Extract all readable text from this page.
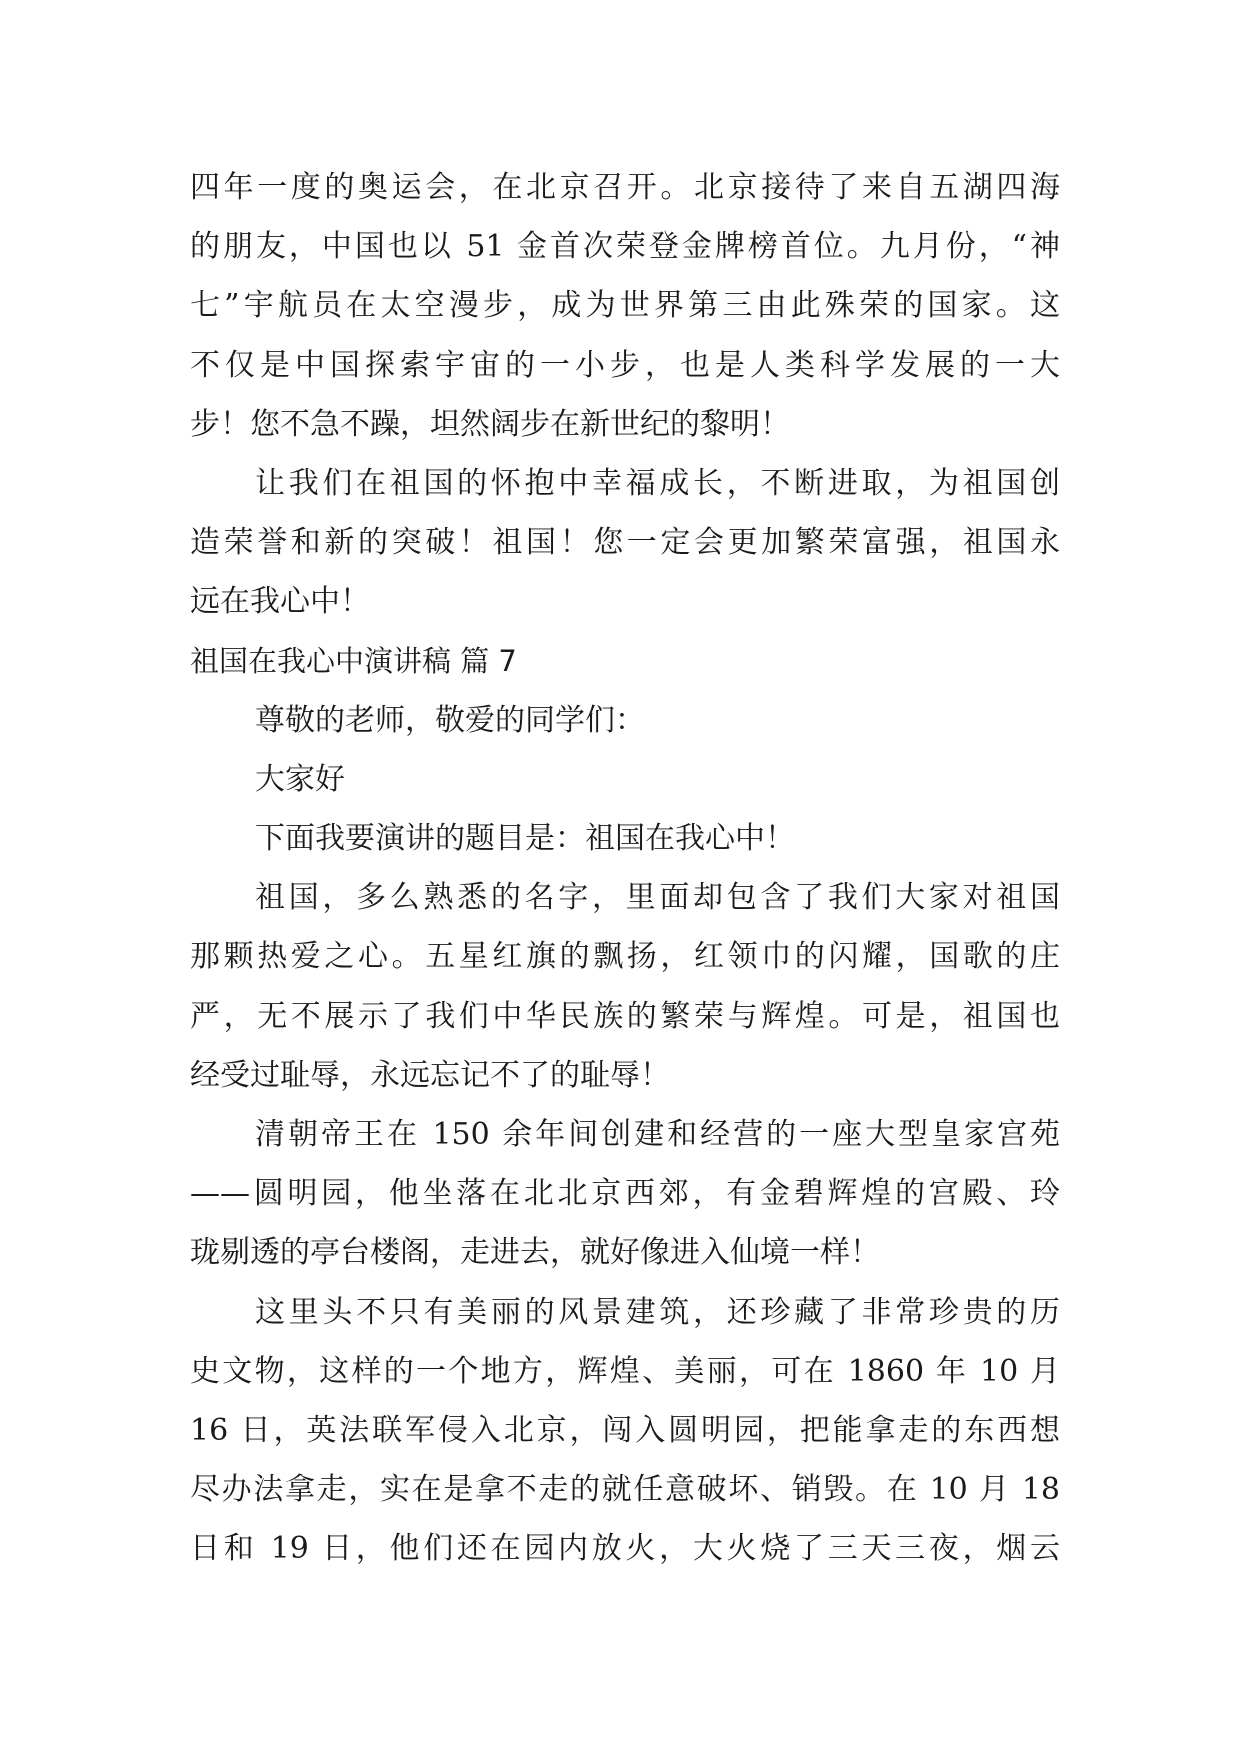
四年一度的奥运会，在北京召开。北京接待了来自五湖四海
的朋友，中国也以 51 金首次荣登金牌榜首位。九月份，“神
七”宇航员在太空漫步，成为世界第三由此殊荣的国家。这
不仅是中国探索宇宙的一小步，也是人类科学发展的一大
步！您不急不躁，坦然阔步在新世纪的黎明！
让我们在祖国的怀抱中幸福成长，不断进取，为祖国创
造荣誉和新的突破！祖国！您一定会更加繁荣富强，祖国永
远在我心中！
祖国在我心中演讲稿 篇 7
尊敬的老师，敬爱的同学们：
大家好
下面我要演讲的题目是：祖国在我心中！
祖国，多么熟悉的名字，里面却包含了我们大家对祖国
那颗热爱之心。五星红旗的飘扬，红领巾的闪耀，国歌的庄
严，无不展示了我们中华民族的繁荣与辉煌。可是，祖国也
经受过耻辱，永远忘记不了的耻辱！
清朝帝王在 150 余年间创建和经营的一座大型皇家宫苑
——圆明园，他坐落在北北京西郊，有金碧辉煌的宫殿、玲
珑剔透的亭台楼阁，走进去，就好像进入仙境一样！
这里头不只有美丽的风景建筑，还珍藏了非常珍贵的历
史文物，这样的一个地方，辉煌、美丽，可在 1860 年 10 月
16 日，英法联军侵入北京，闯入圆明园，把能拿走的东西想
尽办法拿走，实在是拿不走的就任意破坏、销毁。在 10 月 18
日和 19 日，他们还在园内放火，大火烧了三天三夜，烟云
